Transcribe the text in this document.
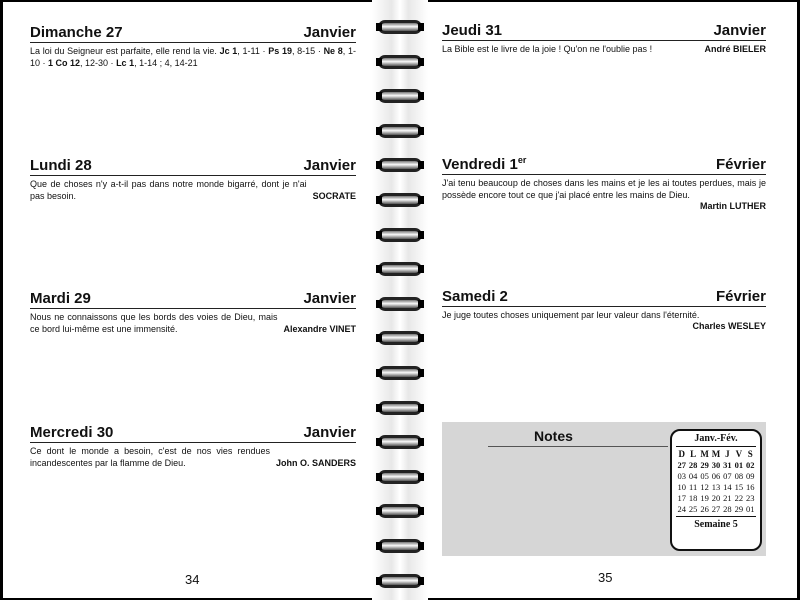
Dimanche 27	Janvier
La loi du Seigneur est parfaite, elle rend la vie. Jc 1, 1-11 · Ps 19, 8-15 · Ne 8, 1-10 · 1 Co 12, 12-30 · Lc 1, 1-14 ; 4, 14-21
Lundi 28	Janvier
SOCRATE
Que de choses n'y a-t-il pas dans notre monde bigarré, dont je n'ai pas besoin.
Mardi 29	Janvier
Alexandre VINET
Nous ne connaissons que les bords des voies de Dieu, mais ce bord lui-même est une immensité.
Mercredi 30	Janvier
John O. SANDERS
Ce dont le monde a besoin, c'est de nos vies rendues incandescentes par la flamme de Dieu.
34
Jeudi 31	Janvier
André BIELER
La Bible est le livre de la joie ! Qu'on ne l'oublie pas !
Vendredi 1er	Février
J'ai tenu beaucoup de choses dans les mains et je les ai toutes perdues, mais je possède encore tout ce que j'ai placé entre les mains de Dieu.
Martin LUTHER
Samedi 2	Février
Je juge toutes choses uniquement par leur valeur dans l'éternité.
Charles WESLEY
Notes	Janv.-Fév.
D L M M J V S
27 28 29 30 31 01 02
03 04 05 06 07 08 09
10 11 12 13 14 15 16
17 18 19 20 21 22 23
24 25 26 27 28 29 01
Semaine 5
35
